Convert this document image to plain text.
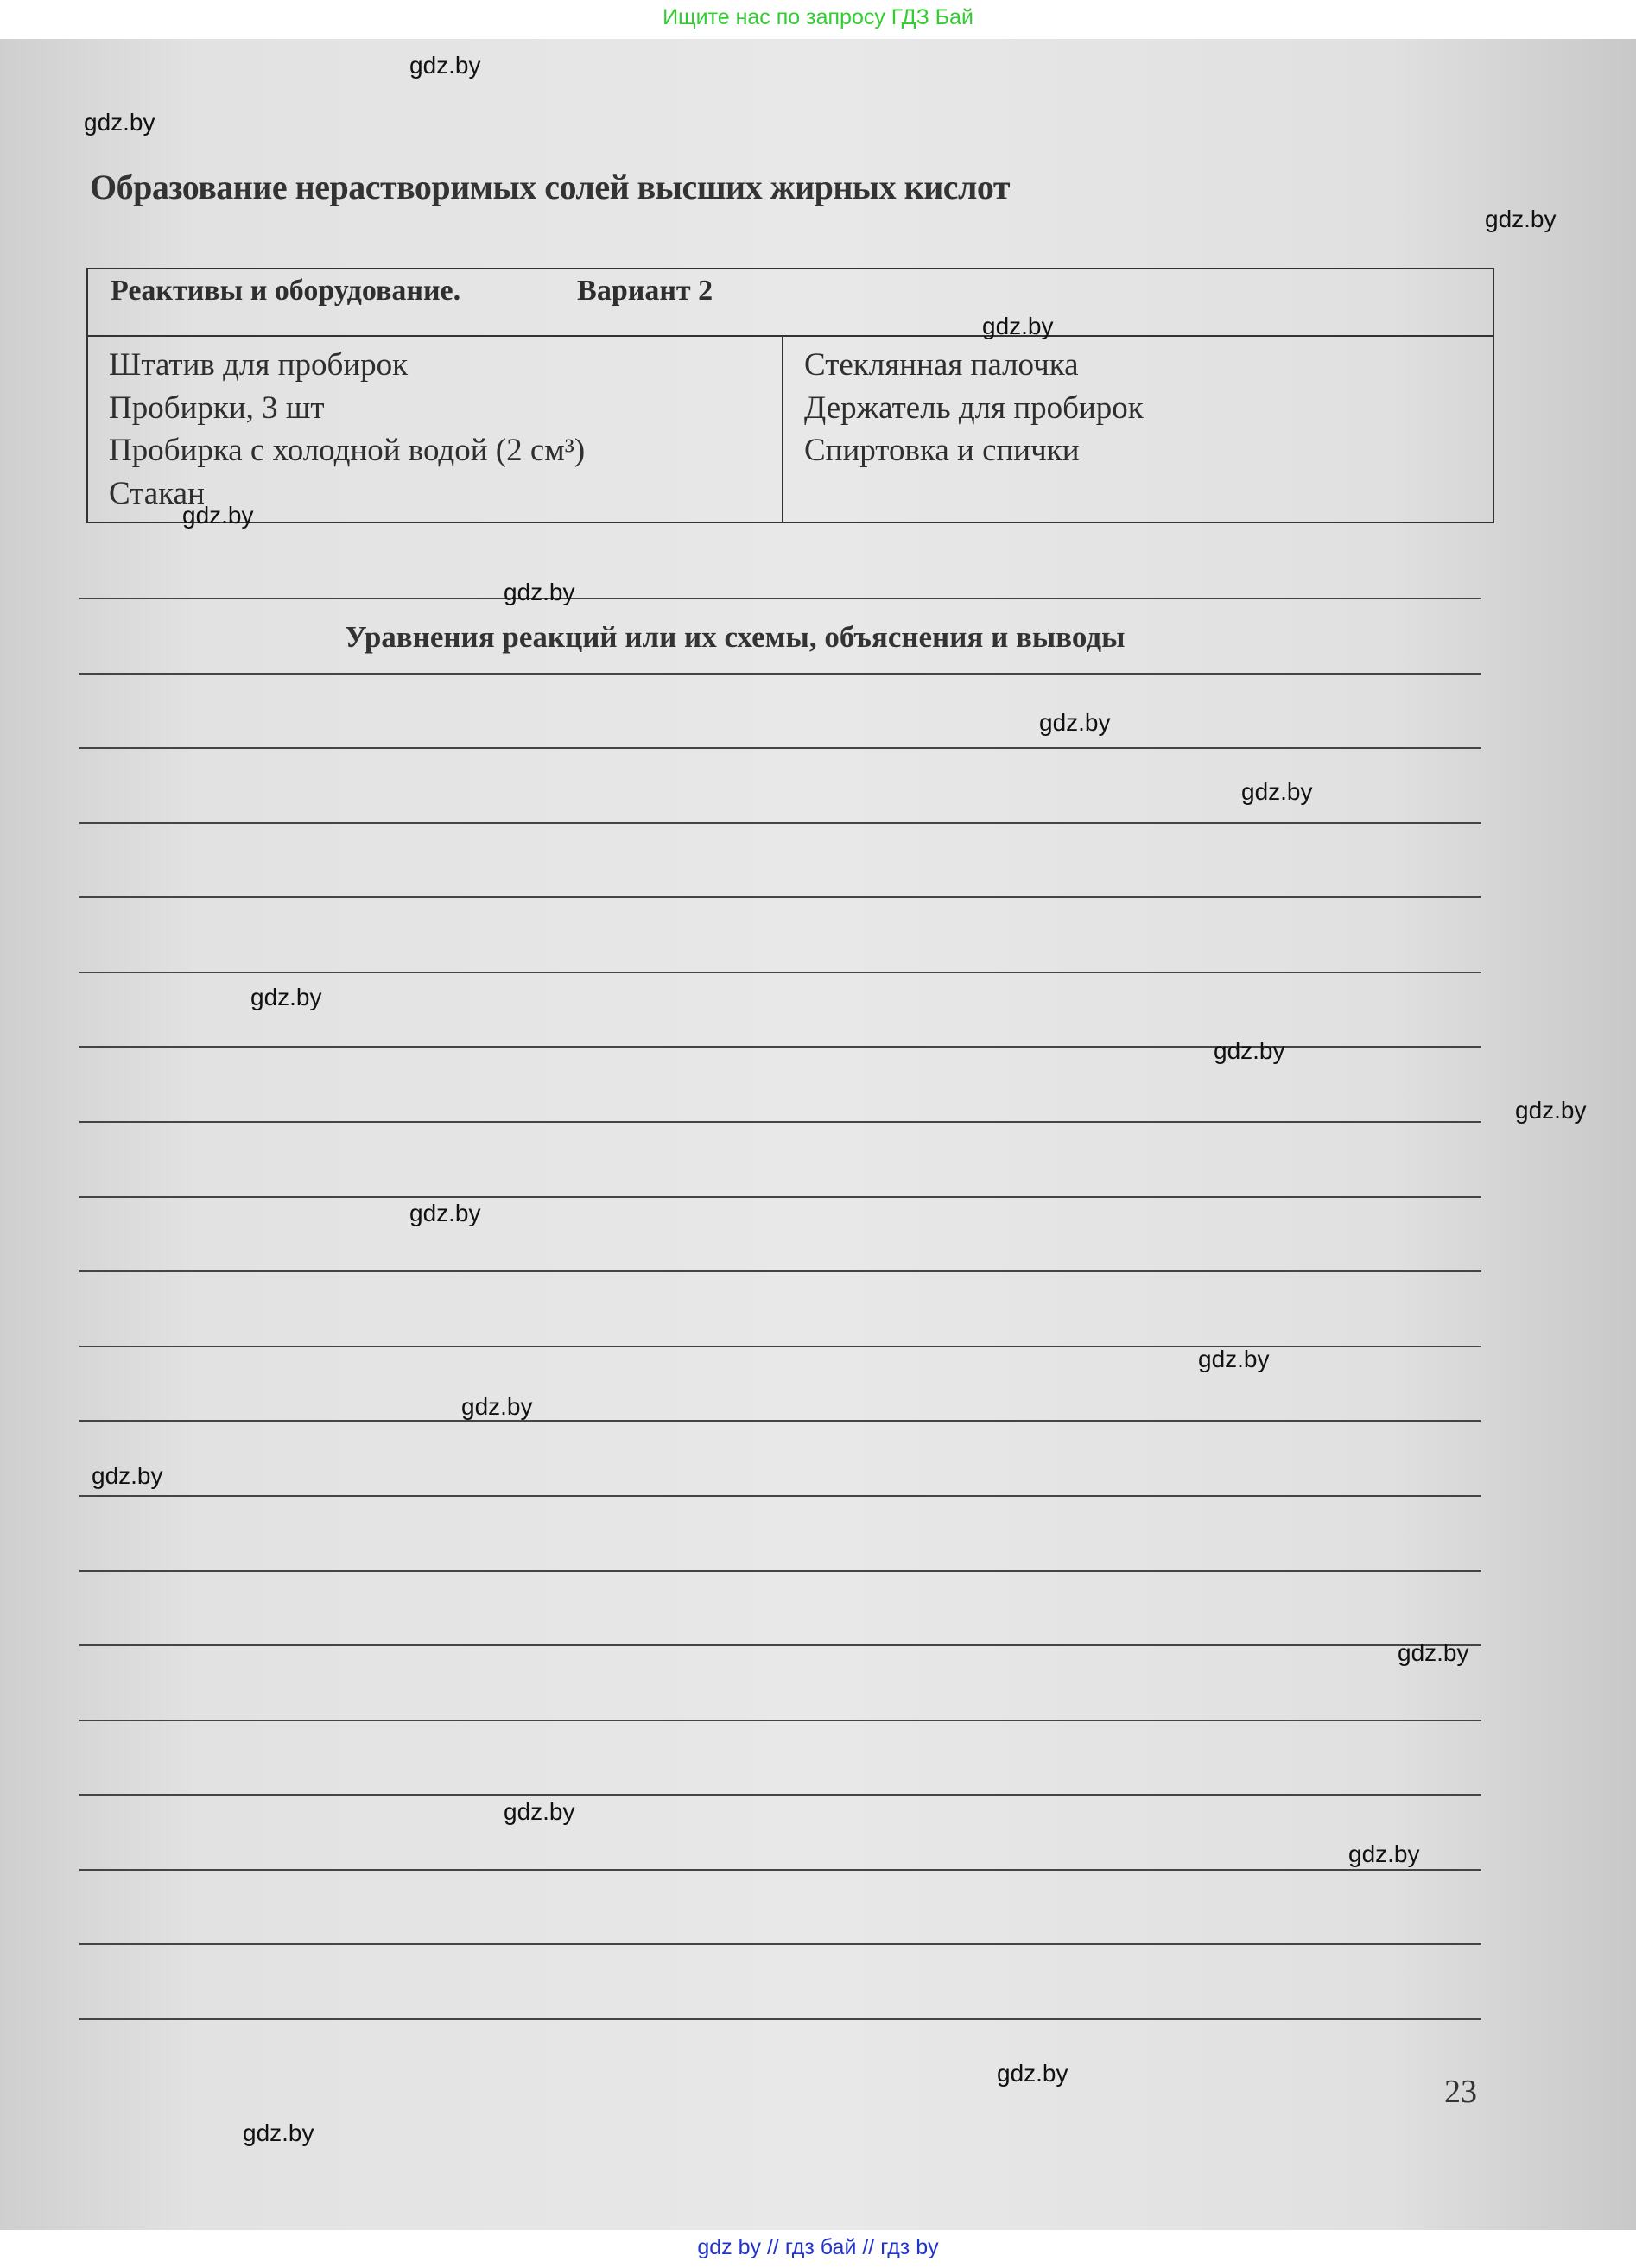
Ищите нас по запросу ГДЗ Бай
Образование нерастворимых солей высших жирных кислот
Реактивы и оборудование.	Вариант 2

Штатив для пробирок
Пробирки, 3 шт
Пробирка с холодной водой (2 см³)
Стакан

Стеклянная палочка
Держатель для пробирок
Спиртовка и спички
Уравнения реакций или их схемы, объяснения и выводы
23
gdz.by
gdz.by
gdz.by
gdz.by
gdz.by
gdz.by
gdz.by
gdz.by
gdz.by
gdz.by
gdz.by
gdz.by
gdz.by
gdz.by
gdz.by
gdz.by
gdz.by
gdz.by
gdz.by
gdz.by
gdz by // гдз бай // гдз by
